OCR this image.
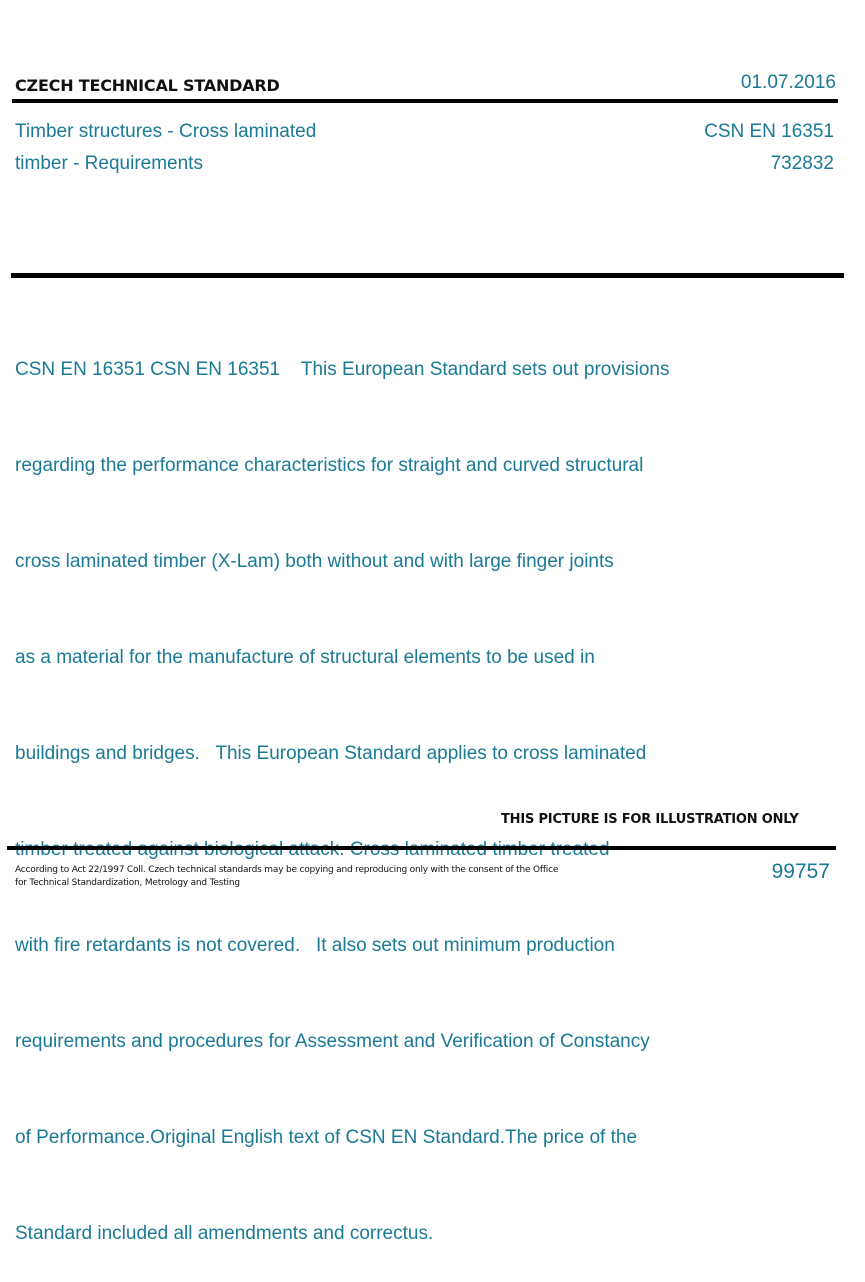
CZECH TECHNICAL STANDARD	01.07.2016
Timber structures - Cross laminated
timber - Requirements
CSN EN 16351
732832

CSN EN 16351 CSN EN 16351    This European Standard sets out provisions

regarding the performance characteristics for straight and curved structural

cross laminated timber (X-Lam) both without and with large finger joints

as a material for the manufacture of structural elements to be used in

buildings and bridges.   This European Standard applies to cross laminated

with fire retardants is not covered.   It also sets out minimum production

requirements and procedures for Assessment and Verification of Constancy

of Performance.Original English text of CSN EN Standard.The price of the

Standard included all amendments and correctus.

THIS PICTURE IS FOR ILLUSTRATION ONLY
According to Act 22/1997 Coll. Czech technical standards may be copying and reproducing only with the consent of the Office
for Technical Standardization, Metrology and Testing	99757
